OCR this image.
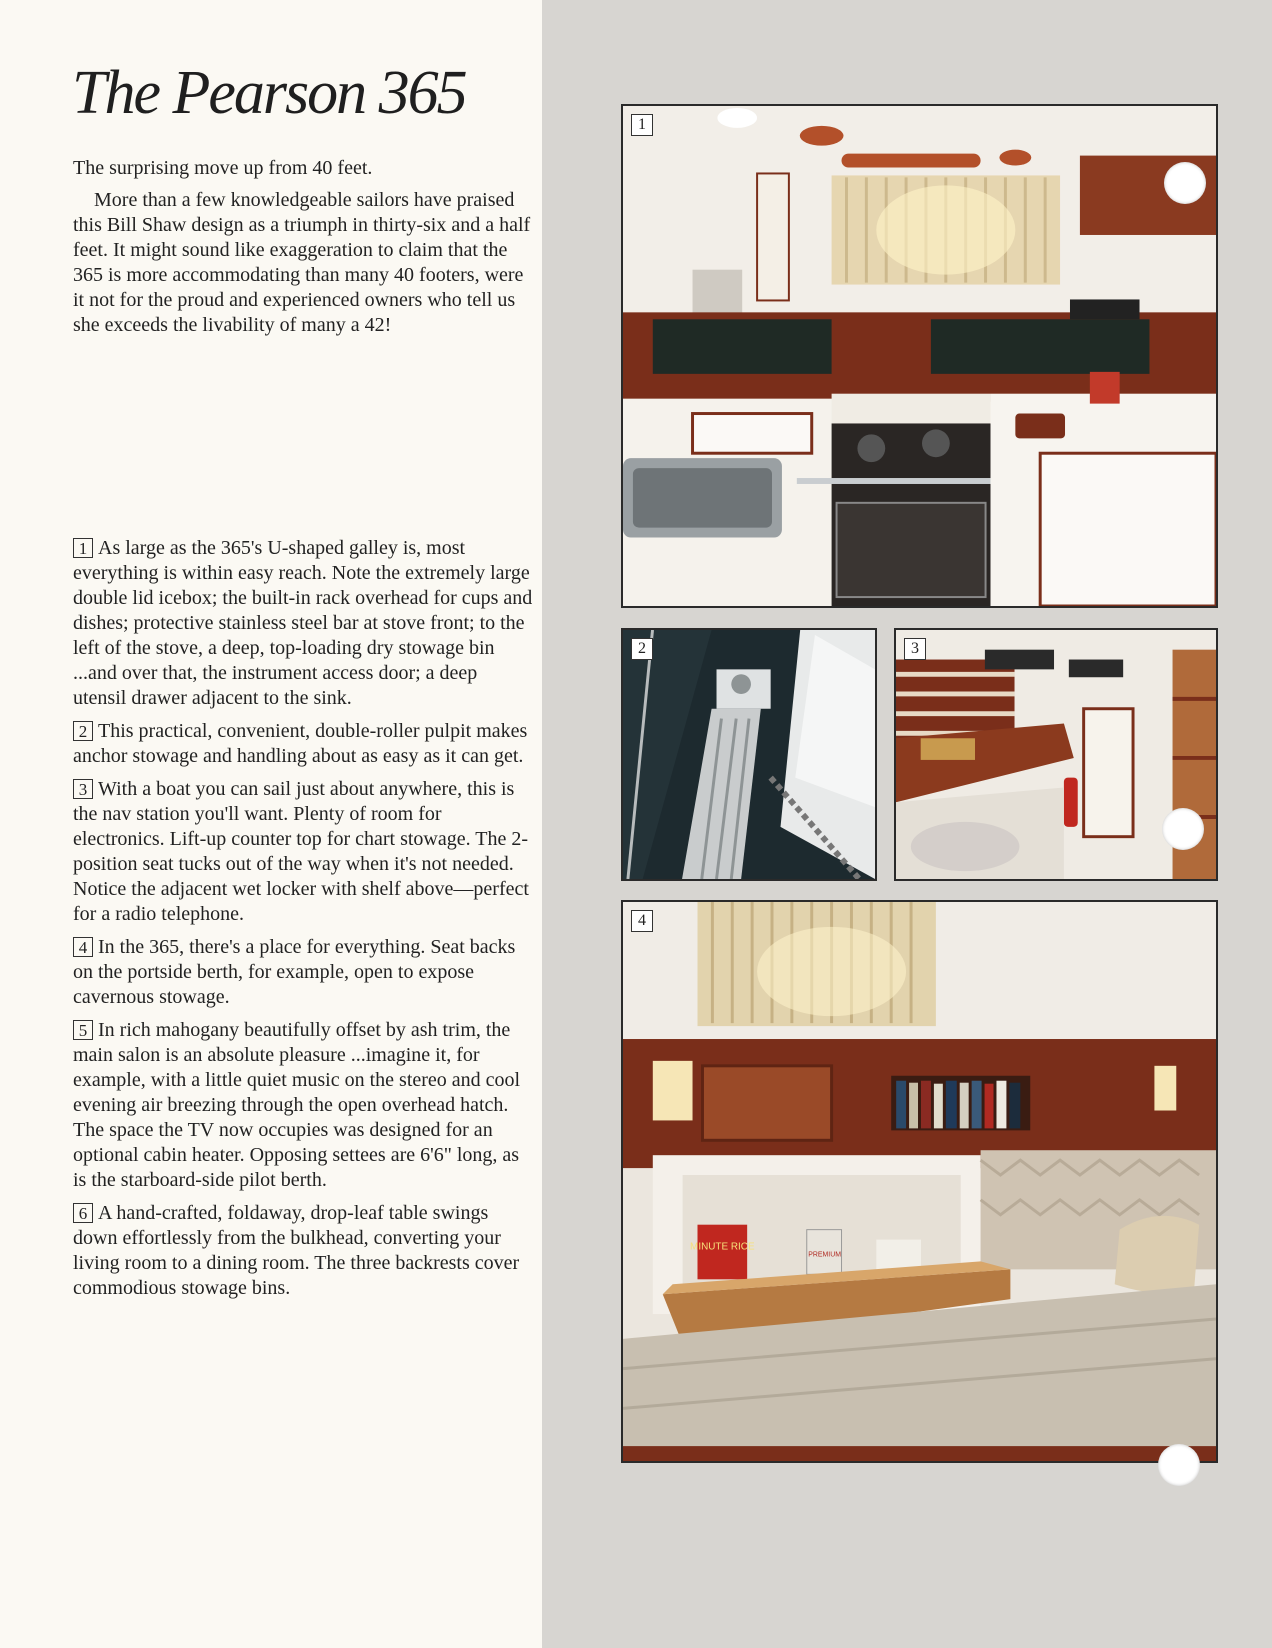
The Pearson 365

The surprising move up from 40 feet.

More than a few knowledgeable sailors have praised this Bill Shaw design as a triumph in thirty-six and a half feet. It might sound like exaggeration to claim that the 365 is more accommodating than many 40 footers, were it not for the proud and experienced owners who tell us she exceeds the livability of many a 42!

1 As large as the 365's U-shaped galley is, most everything is within easy reach. Note the extremely large double lid icebox; the built-in rack overhead for cups and dishes; protective stainless steel bar at stove front; to the left of the stove, a deep, top-loading dry stowage bin ...and over that, the instrument access door; a deep utensil drawer adjacent to the sink.

2 This practical, convenient, double-roller pulpit makes anchor stowage and handling about as easy as it can get.

3 With a boat you can sail just about anywhere, this is the nav station you'll want. Plenty of room for electronics. Lift-up counter top for chart stowage. The 2-position seat tucks out of the way when it's not needed. Notice the adjacent wet locker with shelf above—perfect for a radio telephone.

4 In the 365, there's a place for everything. Seat backs on the portside berth, for example, open to expose cavernous stowage.

5 In rich mahogany beautifully offset by ash trim, the main salon is an absolute pleasure ...imagine it, for example, with a little quiet music on the stereo and cool evening air breezing through the open overhead hatch. The space the TV now occupies was designed for an optional cabin heater. Opposing settees are 6'6" long, as is the starboard-side pilot berth.

6 A hand-crafted, foldaway, drop-leaf table swings down effortlessly from the bulkhead, converting your living room to a dining room. The three backrests cover commodious stowage bins.

1
2	3
MINUTE RICE
PREMIUM
4
